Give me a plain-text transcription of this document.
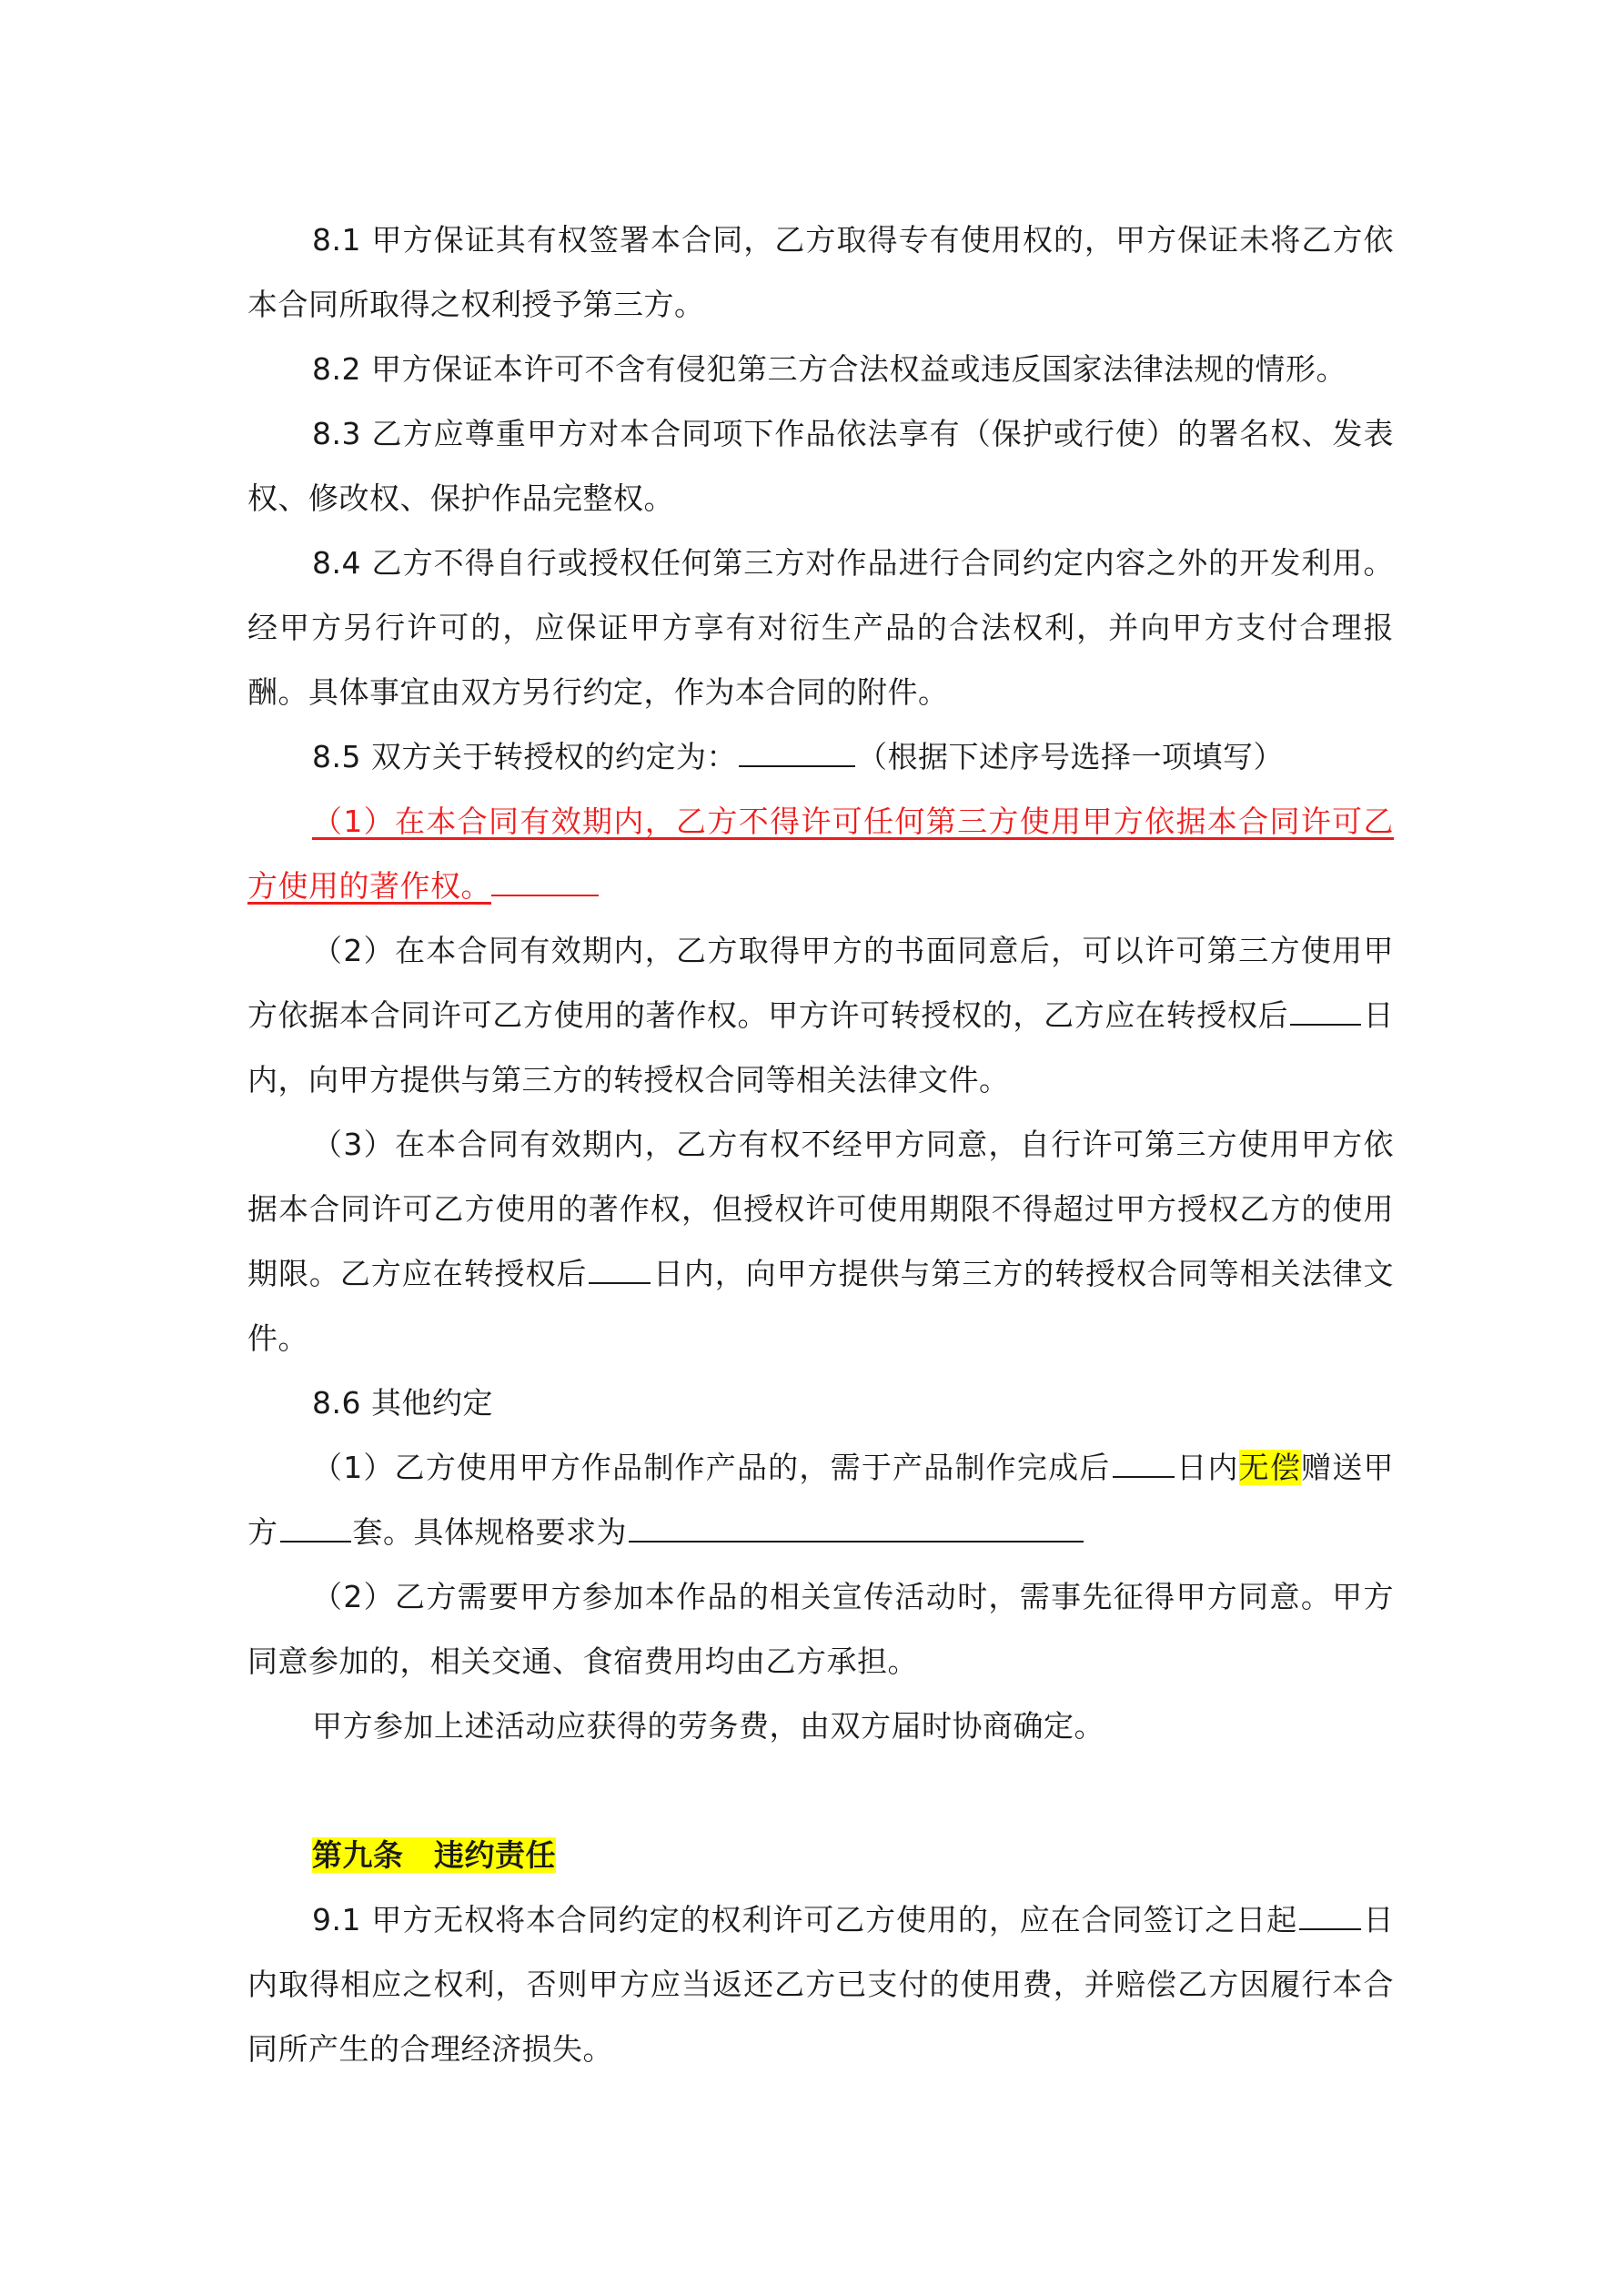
8.1 甲方保证其有权签署本合同，乙方取得专有使用权的，甲方保证未将乙方依本合同所取得之权利授予第三方。

8.2 甲方保证本许可不含有侵犯第三方合法权益或违反国家法律法规的情形。

8.3 乙方应尊重甲方对本合同项下作品依法享有（保护或行使）的署名权、发表权、修改权、保护作品完整权。

8.4 乙方不得自行或授权任何第三方对作品进行合同约定内容之外的开发利用。经甲方另行许可的，应保证甲方享有对衍生产品的合法权利，并向甲方支付合理报酬。具体事宜由双方另行约定，作为本合同的附件。

8.5 双方关于转授权的约定为：	（根据下述序号选择一项填写）

（1）在本合同有效期内，乙方不得许可任何第三方使用甲方依据本合同许可乙方使用的著作权。

（2）在本合同有效期内，乙方取得甲方的书面同意后，可以许可第三方使用甲方依据本合同许可乙方使用的著作权。甲方许可转授权的，乙方应在转授权后 日内，向甲方提供与第三方的转授权合同等相关法律文件。

（3）在本合同有效期内，乙方有权不经甲方同意，自行许可第三方使用甲方依据本合同许可乙方使用的著作权，但授权许可使用期限不得超过甲方授权乙方的使用期限。乙方应在转授权后 日内，向甲方提供与第三方的转授权合同等相关法律文件。

8.6 其他约定

（1）乙方使用甲方作品制作产品的，需于产品制作完成后 日内无偿赠送甲方 套。具体规格要求为

（2）乙方需要甲方参加本作品的相关宣传活动时，需事先征得甲方同意。甲方同意参加的，相关交通、食宿费用均由乙方承担。

甲方参加上述活动应获得的劳务费，由双方届时协商确定。

第九条　违约责任

9.1 甲方无权将本合同约定的权利许可乙方使用的，应在合同签订之日起 日内取得相应之权利，否则甲方应当返还乙方已支付的使用费，并赔偿乙方因履行本合同所产生的合理经济损失。
